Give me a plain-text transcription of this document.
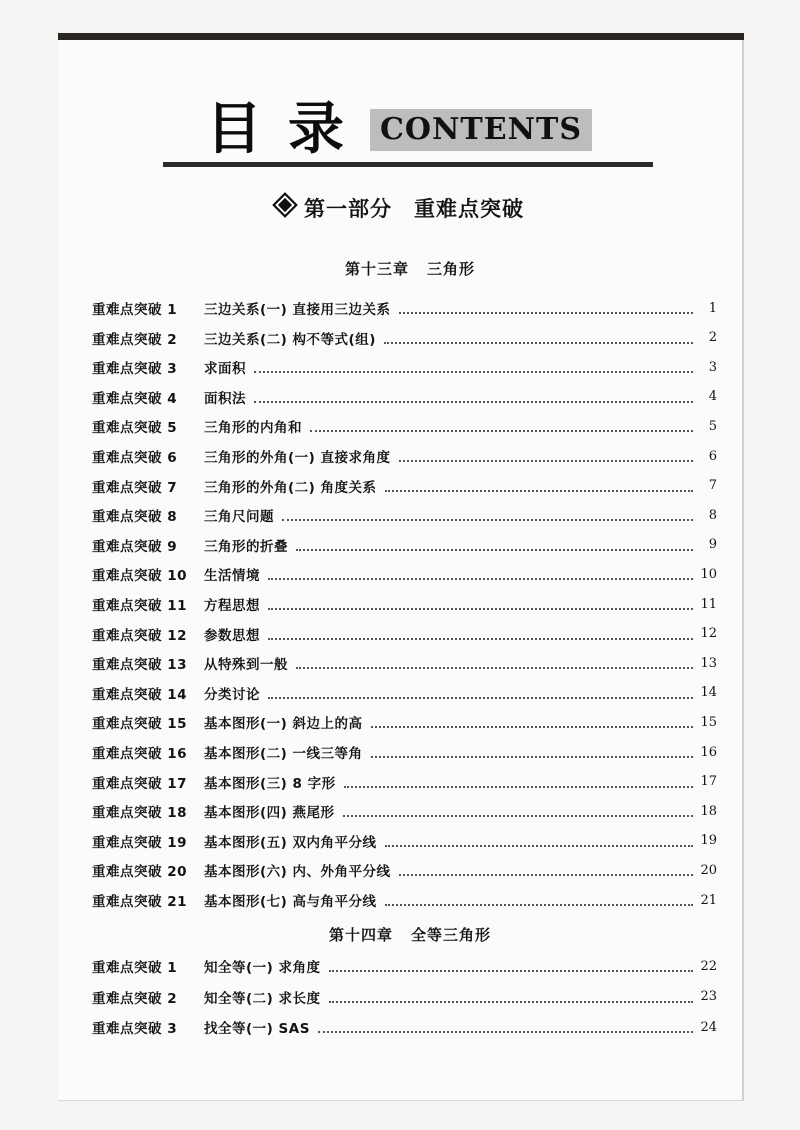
目录 CONTENTS
第一部分 重难点突破
第十三章 三角形
重难点突破 1	三边关系(一) 直接用三边关系	1
重难点突破 2	三边关系(二) 构不等式(组)	2
重难点突破 3	求面积	3
重难点突破 4	面积法	4
重难点突破 5	三角形的内角和	5
重难点突破 6	三角形的外角(一) 直接求角度	6
重难点突破 7	三角形的外角(二) 角度关系	7
重难点突破 8	三角尺问题	8
重难点突破 9	三角形的折叠	9
重难点突破 10	生活情境	10
重难点突破 11	方程思想	11
重难点突破 12	参数思想	12
重难点突破 13	从特殊到一般	13
重难点突破 14	分类讨论	14
重难点突破 15	基本图形(一) 斜边上的高	15
重难点突破 16	基本图形(二) 一线三等角	16
重难点突破 17	基本图形(三) 8 字形	17
重难点突破 18	基本图形(四) 燕尾形	18
重难点突破 19	基本图形(五) 双内角平分线	19
重难点突破 20	基本图形(六) 内、外角平分线	20
重难点突破 21	基本图形(七) 高与角平分线	21
第十四章 全等三角形
重难点突破 1	知全等(一) 求角度	22
重难点突破 2	知全等(二) 求长度	23
重难点突破 3	找全等(一) SAS	24
